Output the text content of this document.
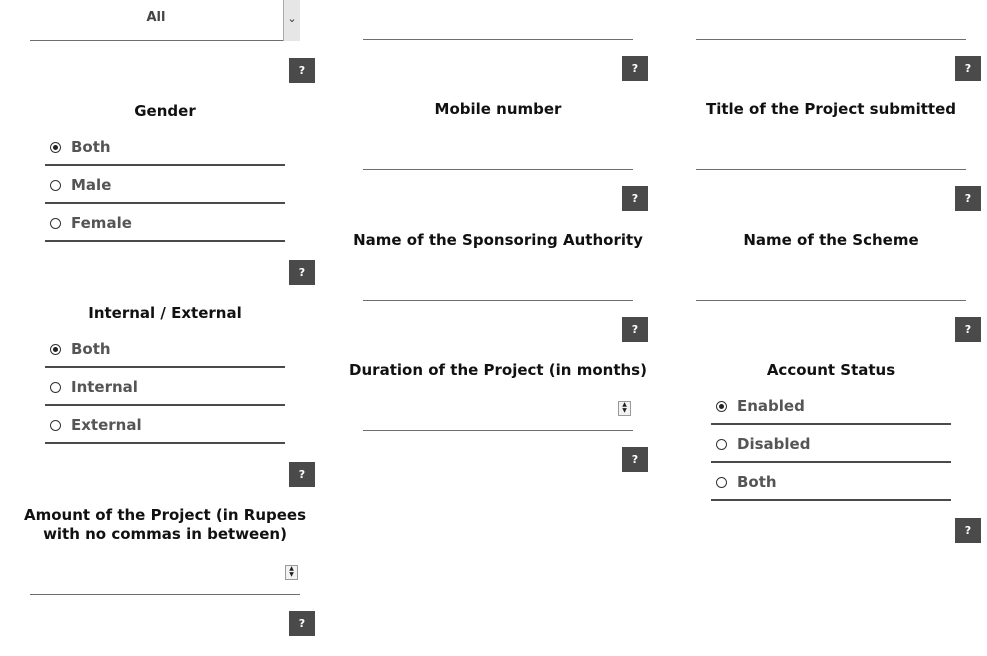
All	⌄
?
Gender
Both
Male
Female
?
Internal / External
Both
Internal
External
?
Amount of the Project (in Rupees with no commas in between)
▲
▼
?
?
Mobile number
?
Name of the Sponsoring Authority
?
Duration of the Project (in months)
▲
▼
?
?
Title of the Project submitted
?
Name of the Scheme
?
Account Status
Enabled
Disabled
Both
?
